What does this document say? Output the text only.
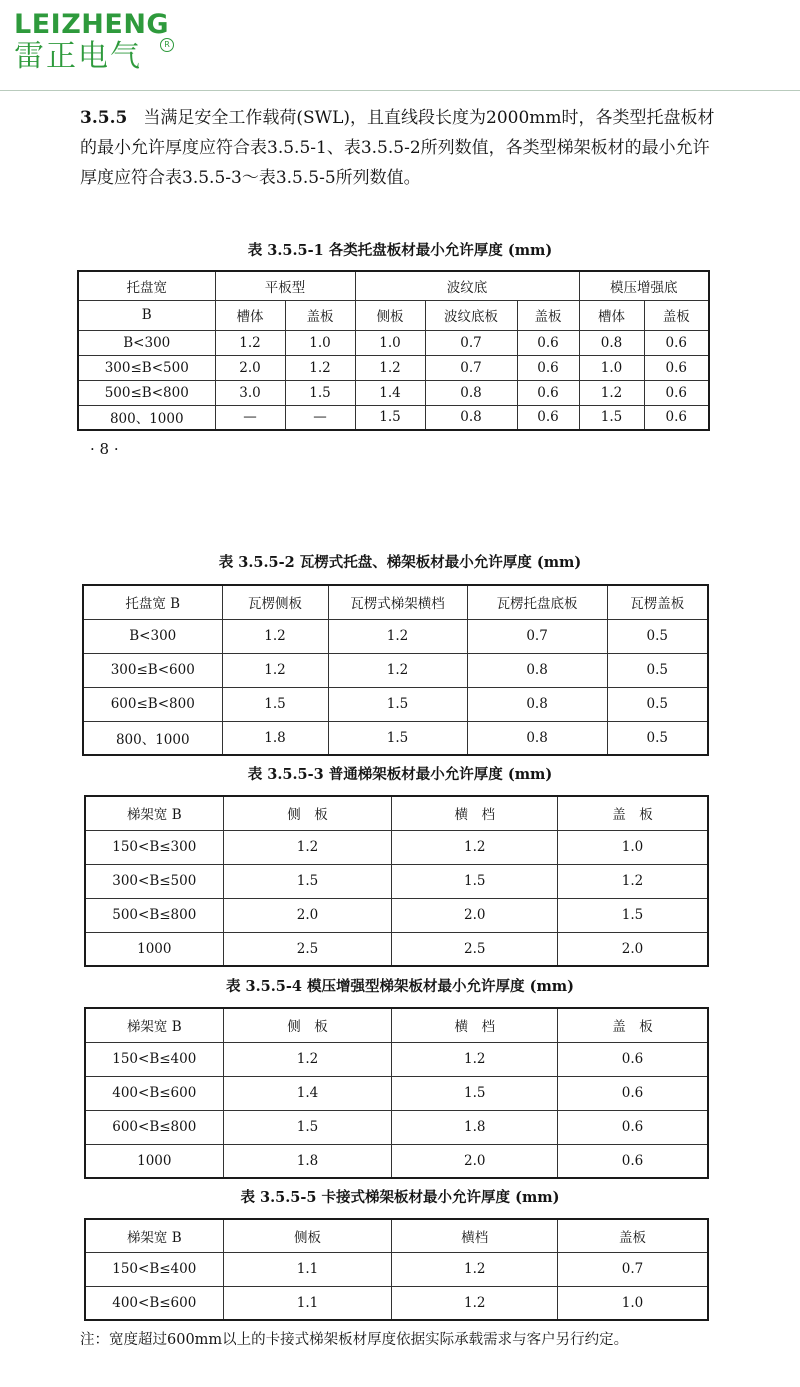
LEIZHENG
雷正电气	R
3.5.5 当满足安全工作载荷(SWL)，且直线段长度为2000mm时，各类型托盘板材的最小允许厚度应符合表3.5.5-1、表3.5.5-2所列数值，各类型梯架板材的最小允许厚度应符合表3.5.5-3～表3.5.5-5所列数值。
表 3.5.5-1 各类托盘板材最小允许厚度 (mm)
托盘宽	平板型		波纹底			模压增强底	
B	槽体	盖板	侧板	波纹底板	盖板	槽体	盖板
B<300	1.2	1.0	1.0	0.7	0.6	0.8	0.6
300≤B<500	2.0	1.2	1.2	0.7	0.6	1.0	0.6
500≤B<800	3.0	1.5	1.4	0.8	0.6	1.2	0.6
800、1000	—	—	1.5	0.8	0.6	1.5	0.6
· 8 ·
表 3.5.5-2 瓦楞式托盘、梯架板材最小允许厚度 (mm)
托盘宽 B	瓦楞侧板	瓦楞式梯架横档	瓦楞托盘底板	瓦楞盖板
B<300	1.2	1.2	0.7	0.5
300≤B<600	1.2	1.2	0.8	0.5
600≤B<800	1.5	1.5	0.8	0.5
800、1000	1.8	1.5	0.8	0.5
表 3.5.5-3 普通梯架板材最小允许厚度 (mm)
梯架宽 B	侧　板	横　档	盖　板
150<B≤300	1.2	1.2	1.0
300<B≤500	1.5	1.5	1.2
500<B≤800	2.0	2.0	1.5
1000	2.5	2.5	2.0
表 3.5.5-4 模压增强型梯架板材最小允许厚度 (mm)
梯架宽 B	侧　板	横　档	盖　板
150<B≤400	1.2	1.2	0.6
400<B≤600	1.4	1.5	0.6
600<B≤800	1.5	1.8	0.6
1000	1.8	2.0	0.6
表 3.5.5-5 卡接式梯架板材最小允许厚度 (mm)
梯架宽 B	侧板	横档	盖板
150<B≤400	1.1	1.2	0.7
400<B≤600	1.1	1.2	1.0
注：宽度超过600mm以上的卡接式梯架板材厚度依据实际承载需求与客户另行约定。
